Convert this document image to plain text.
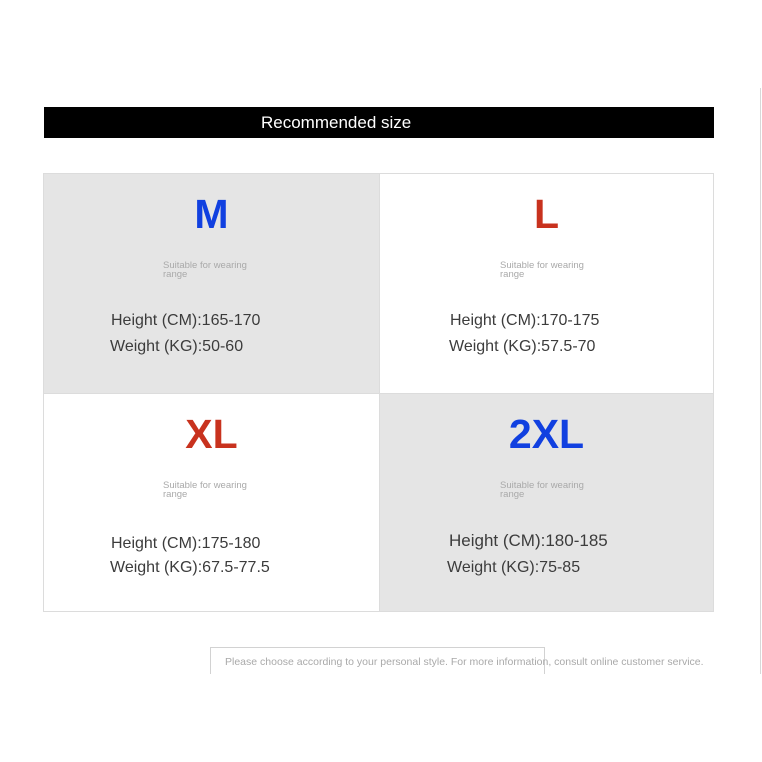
Recommended size
M
Suitable for wearing range
Height (CM):165-170
Weight (KG):50-60
L
Suitable for wearing range
Height (CM):170-175
Weight (KG):57.5-70
XL
Suitable for wearing range
Height (CM):175-180
Weight (KG):67.5-77.5
2XL
Suitable for wearing range
Height (CM):180-185
Weight (KG):75-85
Please choose according to your personal style. For more information, consult online customer service.
